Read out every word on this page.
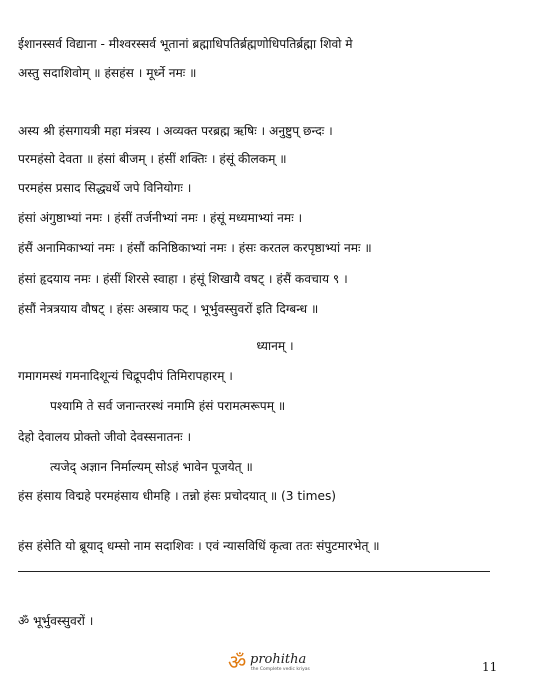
ईशानस्सर्व विद्याना - मीश्वरस्सर्व भूतानां ब्रह्माधिपतिर्ब्रह्मणोधिपतिर्ब्रह्मा शिवो मे
अस्तु सदाशिवोम् ॥ हंसहंस । मूर्ध्ने नमः ॥
अस्य श्री हंसगायत्री महा मंत्रस्य । अव्यक्त परब्रह्म ऋषिः । अनुष्टुप् छन्दः ।
परमहंसो देवता ॥ हंसां बीजम् । हंसीं शक्तिः । हंसूं कीलकम् ॥
परमहंस प्रसाद सिद्ध्यर्थे जपे विनियोगः ।
हंसां अंगुष्ठाभ्यां नमः । हंसीं तर्जनीभ्यां नमः । हंसूं मध्यमाभ्यां नमः ।
हंसैं अनामिकाभ्यां नमः । हंसौं कनिष्ठिकाभ्यां नमः । हंसः करतल करपृष्ठाभ्यां नमः ॥
हंसां हृदयाय नमः । हंसीं शिरसे स्वाहा । हंसूं शिखायै वषट् । हंसैं कवचाय ९ ।
हंसौं नेत्रत्रयाय वौषट् । हंसः अस्त्राय फट् । भूर्भुवस्सुवरों इति दिग्बन्ध ॥
ध्यानम् ।
गमागमस्थं गमनादिशून्यं चिद्रूपदीपं तिमिरापहारम् ।
पश्यामि ते सर्व जनान्तरस्थं नमामि हंसं परामत्मरूपम् ॥
देहो देवालय प्रोक्तो जीवो देवस्सनातनः ।
त्यजेद् अज्ञान निर्माल्यम् सोऽहं भावेन पूजयेत् ॥
हंस हंसाय विद्महे परमहंसाय धीमहि । तन्नो हंसः प्रचोदयात् ॥ (3 times)
हंस हंसेति यो ब्रूयाद् धम्सो नाम सदाशिवः । एवं न्यासविधिं कृत्वा ततः संपुटमारभेत् ॥
ॐ भूर्भुवस्सुवरों ।
ॐ prohitha
the Complete vedic kriyas	11
